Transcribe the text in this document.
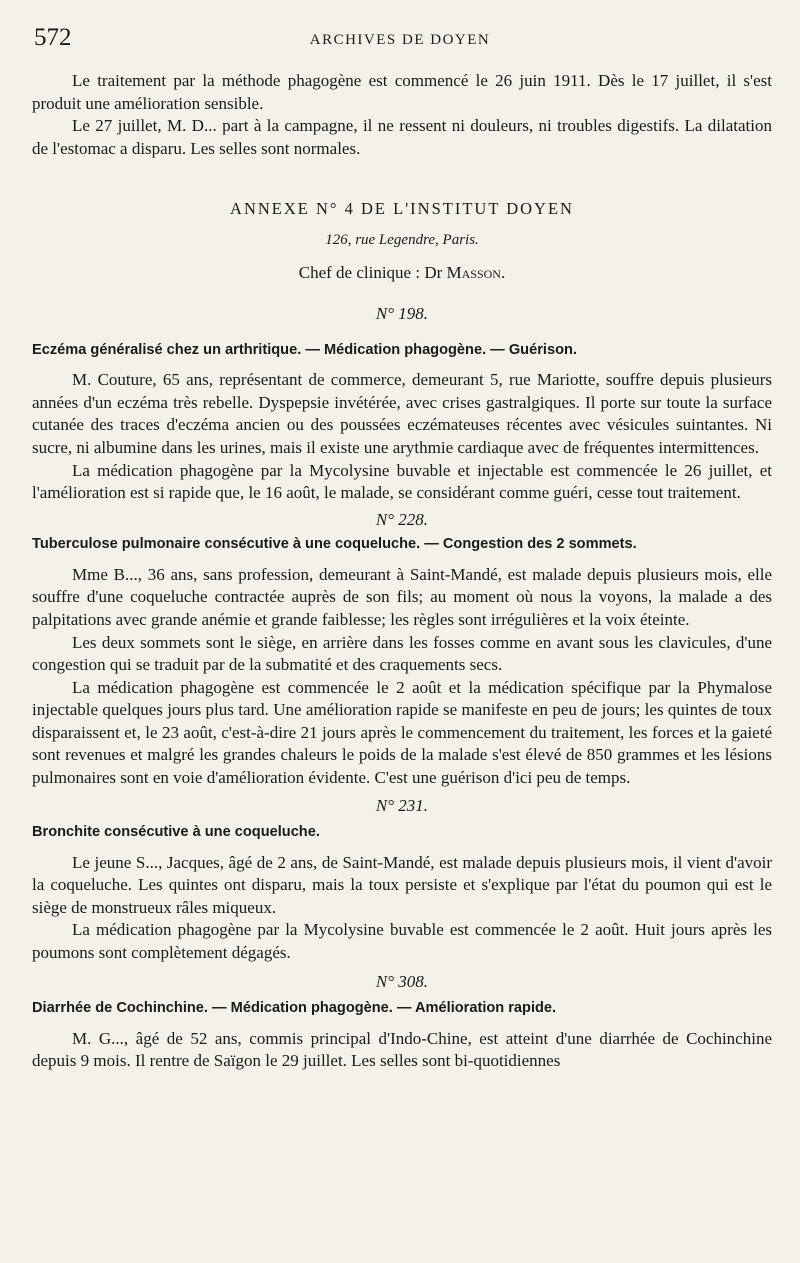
572	ARCHIVES DE DOYEN

Le traitement par la méthode phagogène est commencé le 26 juin 1911. Dès le 17 juillet, il s'est produit une amélioration sensible.

Le 27 juillet, M. D... part à la campagne, il ne ressent ni douleurs, ni troubles digestifs. La dilatation de l'estomac a disparu. Les selles sont normales.

ANNEXE N° 4 DE L'INSTITUT DOYEN

126, rue Legendre, Paris.

Chef de clinique : Dr Masson.

N° 198.

Eczéma généralisé chez un arthritique. — Médication phagogène. — Guérison.

M. Couture, 65 ans, représentant de commerce, demeurant 5, rue Mariotte, souffre depuis plusieurs années d'un eczéma très rebelle. Dyspepsie invétérée, avec crises gastralgiques. Il porte sur toute la surface cutanée des traces d'eczéma ancien ou des poussées eczémateuses récentes avec vésicules suintantes. Ni sucre, ni albumine dans les urines, mais il existe une arythmie cardiaque avec de fréquentes intermittences.

La médication phagogène par la Mycolysine buvable et injectable est commencée le 26 juillet, et l'amélioration est si rapide que, le 16 août, le malade, se considérant comme guéri, cesse tout traitement.

N° 228.

Tuberculose pulmonaire consécutive à une coqueluche. — Congestion des 2 sommets.

Mme B..., 36 ans, sans profession, demeurant à Saint-Mandé, est malade depuis plusieurs mois, elle souffre d'une coqueluche contractée auprès de son fils; au moment où nous la voyons, la malade a des palpitations avec grande anémie et grande faiblesse; les règles sont irrégulières et la voix éteinte.

Les deux sommets sont le siège, en arrière dans les fosses comme en avant sous les clavicules, d'une congestion qui se traduit par de la submatité et des craquements secs.

La médication phagogène est commencée le 2 août et la médication spécifique par la Phymalose injectable quelques jours plus tard. Une amélioration rapide se manifeste en peu de jours; les quintes de toux disparaissent et, le 23 août, c'est-à-dire 21 jours après le commencement du traitement, les forces et la gaieté sont revenues et malgré les grandes chaleurs le poids de la malade s'est élevé de 850 grammes et les lésions pulmonaires sont en voie d'amélioration évidente. C'est une guérison d'ici peu de temps.

N° 231.

Bronchite consécutive à une coqueluche.

Le jeune S..., Jacques, âgé de 2 ans, de Saint-Mandé, est malade depuis plusieurs mois, il vient d'avoir la coqueluche. Les quintes ont disparu, mais la toux persiste et s'explique par l'état du poumon qui est le siège de monstrueux râles miqueux.

La médication phagogène par la Mycolysine buvable est commencée le 2 août. Huit jours après les poumons sont complètement dégagés.

N° 308.

Diarrhée de Cochinchine. — Médication phagogène. — Amélioration rapide.

M. G..., âgé de 52 ans, commis principal d'Indo-Chine, est atteint d'une diarrhée de Cochinchine depuis 9 mois. Il rentre de Saïgon le 29 juillet. Les selles sont bi-quotidiennes
